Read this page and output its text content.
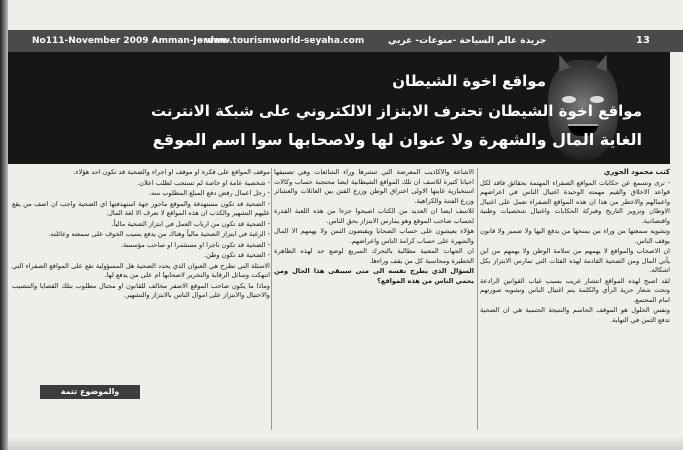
No111-November 2009 Amman-Jordan-
- www.tourismworld-seyaha.com	جريدة عالم السياحة -منوعات- عربي	13
مواقع اخوة الشيطان
مواقع اخوة الشيطان تحترف الابتزاز الالكتروني على شبكة الانترنت
الغاية المال والشهرة ولا عنوان لها ولاصحابها سوا اسم الموقع

كتب محمود الحوري

- نرى وتسمع عن حكايات المواقع الصفراء المهتمة بحقائق فاقد لكل قواعد الاخلاق والقيم مهمته الوحيدة اغتيال الناس في اعراضهم واعمالهم والاخطر من هذا ان هذه المواقع الصفراء تعمل على اغتيال الاوطان وتزوير التاريخ وفبركة الحكايات واغتيال شخصيات وطنية واقتصادية.

وتشويه سمعتها من وراء من يمنحها من يدفع اليها ولا ضمير ولا قانون يوقف الناس.

ان الاصحاب والمواقع لا يهمهم من سلامة الوطن ولا يهمهم من اين يأتي المال ومن الضحية القادمة لهذه الفئات التي تمارس الابتزاز بكل اشكاله.

لقد اصبح لهذه المواقع انتشار غريب بسبب غياب القوانين الرادعة وتحت شعار حرية الرأي والكلمة يتم اغتيال الناس وتشويه صورتهم امام المجتمع.

ونفس الحلول هو الموقف الحاسم والنتيجة الحتمية هي ان الضحية تدفع الثمن في النهاية.

الاشاعة والاكاذيب المغرضة التي تنشرها وراء الشائعات وهي تصنيفها احيانا كثيرة للاسف ان تلك المواقع الشيطانية ايضا محتجبة حساب وكالات استخبارية غايتها الاولى اختراق الوطن وزرع الفتن بين العائلات والعشائر وزرع الفتنة والكراهية.

للاسف ايضا ان العديد من الكتاب اصبحوا جزءا من هذه اللعبة القذرة لحساب صاحب الموقع وهو يمارس الابتزاز بحق الناس.

هؤلاء يعيشون على حساب الضحايا ويقبضون الثمن ولا يهمهم الا المال والشهرة على حساب كرامة الناس واعراضهم.

ان الجهات المعنية مطالبة بالتحرك السريع لوضع حد لهذه الظاهرة الخطيرة ومحاسبة كل من يقف وراءها.

السؤال الذي يطرح نفسه الى متى سيبقى هذا الحال ومن يحمي الناس من هذه المواقع؟

موقف المواقع على فكرة او موقف او اجراء والضحية قد تكون احد هؤلاء.

- شخصية عامة او خاصة لم تستجب لطلب اعلان.

- رجل اعمال رفض دفع المبلغ المطلوب منه.

- الضحية قد تكون مستهدفة والموقع ماجور جهة استهدفتها اي الضحية واجب ان اصف من يقع عليهم التشهير والكذب ان هذه المواقع لا تعرف الا لغة المال.

- الضحية قد تكون من ارباب العمل في ابتزاز الضحية مالياً.

- الرغبة في ابتزاز الضحية مالياً وهناك من يدفع بسبب الخوف على سمعته وعائلته.

- الضحية قد تكون تاجرا او مستثمرا او صاحب مؤسسة.

- الضحية قد تكون وطن.

الاسئلة التي تطرح هي العنوان الذي يحدد الضحية هل المسؤولية تقع على المواقع الصفراء التي انتهكت وسائل الرقابة والتحرير لاصحابها ام على من يدفع لها.

وماذا ما يكون صاحب الموقع الاصفر مخالف للقانون او محتال مطلوب بتلك القضايا والتنصيب والاحتيال والابتزاز على اموال الناس بالابتزاز والتشهير.

والموضوع تتمة
